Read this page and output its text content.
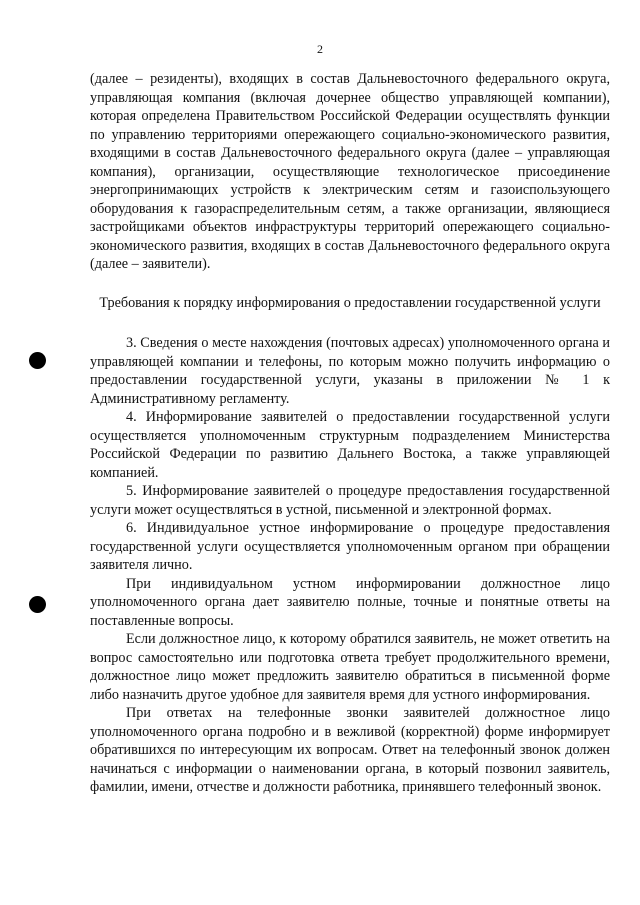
2

(далее – резиденты), входящих в состав Дальневосточного федерального округа, управляющая компания (включая дочернее общество управляющей компании), которая определена Правительством Российской Федерации осуществлять функции по управлению территориями опережающего социально-экономического развития, входящими в состав Дальневосточного федерального округа (далее – управляющая компания), организации, осуществляющие технологическое присоединение энергопринимающих устройств к электрическим сетям и газоиспользующего оборудования к газораспределительным сетям, а также организации, являющиеся застройщиками объектов инфраструктуры территорий опережающего социально-экономического развития, входящих в состав Дальневосточного федерального округа (далее – заявители).

Требования к порядку информирования о предоставлении государственной услуги

3. Сведения о месте нахождения (почтовых адресах) уполномоченного органа и управляющей компании и телефоны, по которым можно получить информацию о предоставлении государственной услуги, указаны в приложении № 1 к Административному регламенту.

4. Информирование заявителей о предоставлении государственной услуги осуществляется уполномоченным структурным подразделением Министерства Российской Федерации по развитию Дальнего Востока, а также управляющей компанией.

5. Информирование заявителей о процедуре предоставления государственной услуги может осуществляться в устной, письменной и электронной формах.

6. Индивидуальное устное информирование о процедуре предоставления государственной услуги осуществляется уполномоченным органом при обращении заявителя лично.

При индивидуальном устном информировании должностное лицо уполномоченного органа дает заявителю полные, точные и понятные ответы на поставленные вопросы.

Если должностное лицо, к которому обратился заявитель, не может ответить на вопрос самостоятельно или подготовка ответа требует продолжительного времени, должностное лицо может предложить заявителю обратиться в письменной форме либо назначить другое удобное для заявителя время для устного информирования.

При ответах на телефонные звонки заявителей должностное лицо уполномоченного органа подробно и в вежливой (корректной) форме информирует обратившихся по интересующим их вопросам. Ответ на телефонный звонок должен начинаться с информации о наименовании органа, в который позвонил заявитель, фамилии, имени, отчестве и должности работника, принявшего телефонный звонок.
